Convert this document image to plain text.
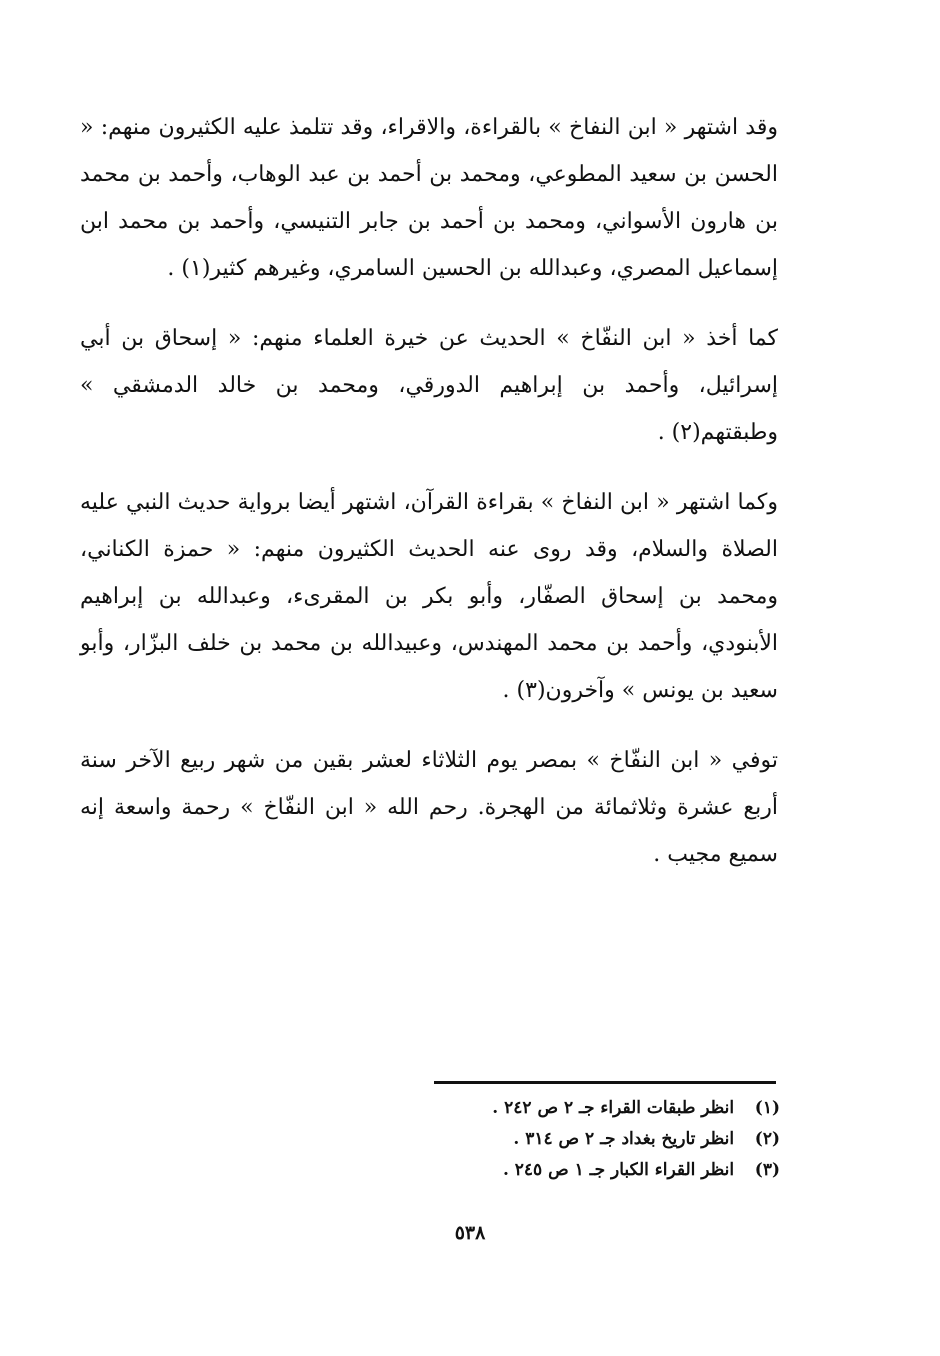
وقد اشتهر « ابن النفاخ » بالقراءة، والاقراء، وقد تتلمذ عليه الكثيرون منهم: « الحسن بن سعيد المطوعي، ومحمد بن أحمد بن عبد الوهاب، وأحمد بن محمد بن هارون الأسواني، ومحمد بن أحمد بن جابر التنيسي، وأحمد بن محمد ابن إسماعيل المصري، وعبدالله بن الحسين السامري، وغيرهم كثير(١) .

كما أخذ « ابن النفّاخ » الحديث عن خيرة العلماء منهم: « إسحاق بن أبي إسرائيل، وأحمد بن إبراهيم الدورقي، ومحمد بن خالد الدمشقي » وطبقتهم(٢) .

وكما اشتهر « ابن النفاخ » بقراءة القرآن، اشتهر أيضا برواية حديث النبي عليه الصلاة والسلام، وقد روى عنه الحديث الكثيرون منهم: « حمزة الكناني، ومحمد بن إسحاق الصفّار، وأبو بكر بن المقرىء، وعبدالله بن إبراهيم الأبنودي، وأحمد بن محمد المهندس، وعبيدالله بن محمد بن خلف البزّار، وأبو سعيد بن يونس » وآخرون(٣) .

توفي « ابن النفّاخ » بمصر يوم الثلاثاء لعشر بقين من شهر ربيع الآخر سنة أربع عشرة وثلاثمائة من الهجرة. رحم الله « ابن النفّاخ » رحمة واسعة إنه سميع مجيب .

(١) انظر طبقات القراء جـ ٢ ص ٢٤٢ .
(٢) انظر تاريخ بغداد جـ ٢ ص ٣١٤ .
(٣) انظر القراء الكبار جـ ١ ص ٢٤٥ .
٥٣٨
